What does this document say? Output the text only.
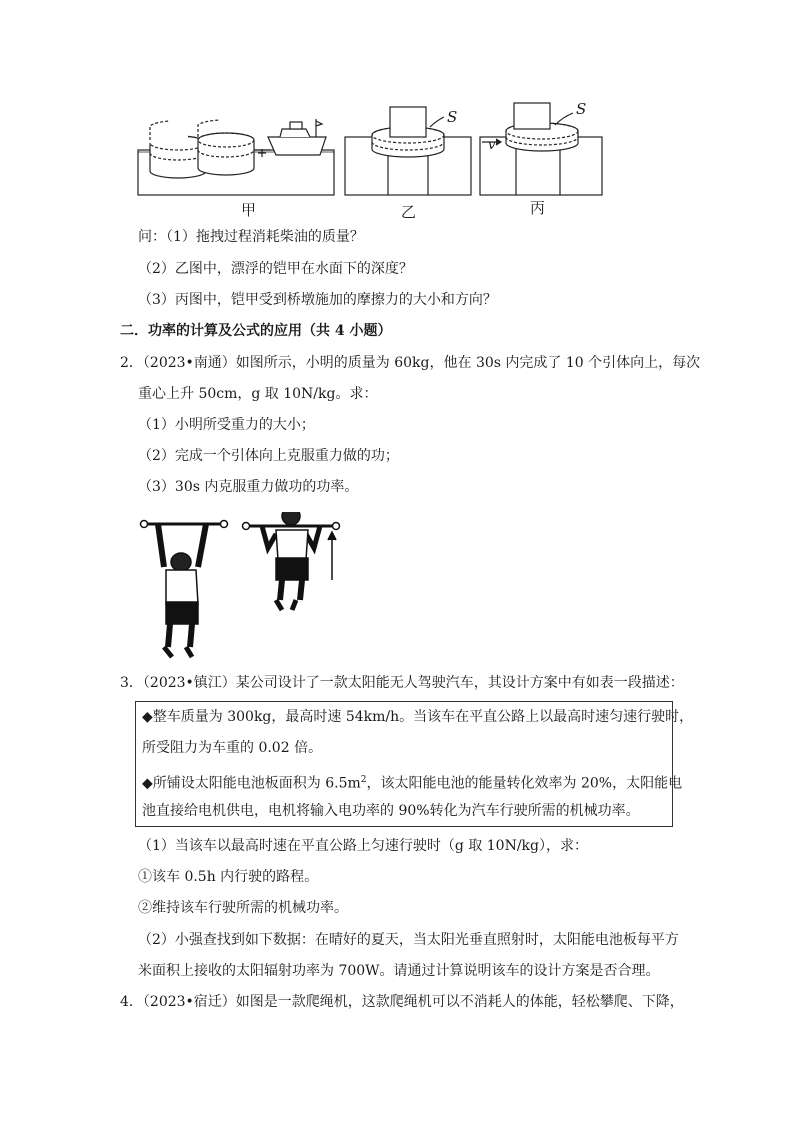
S
S
v
甲	乙	丙
问：（1）拖拽过程消耗柴油的质量？
（2）乙图中，漂浮的铠甲在水面下的深度？
（3）丙图中，铠甲受到桥墩施加的摩擦力的大小和方向？
二．功率的计算及公式的应用（共 4 小题）
2．（2023•南通）如图所示，小明的质量为 60kg，他在 30s 内完成了 10 个引体向上，每次
重心上升 50cm，g 取 10N/kg。求：
（1）小明所受重力的大小；
（2）完成一个引体向上克服重力做的功；
（3）30s 内克服重力做功的功率。
3．（2023•镇江）某公司设计了一款太阳能无人驾驶汽车，其设计方案中有如表一段描述：
◆整车质量为 300kg，最高时速 54km/h。当该车在平直公路上以最高时速匀速行驶时，
所受阻力为车重的 0.02 倍。
◆所铺设太阳能电池板面积为 $6.5m^2$，该太阳能电池的能量转化效率为 20%，太阳能电
池直接给电机供电，电机将输入电功率的 90%转化为汽车行驶所需的机械功率。
（1）当该车以最高时速在平直公路上匀速行驶时（g 取 10N/kg），求：
①该车 0.5h 内行驶的路程。
②维持该车行驶所需的机械功率。
（2）小强查找到如下数据：在晴好的夏天，当太阳光垂直照射时，太阳能电池板每平方
米面积上接收的太阳辐射功率为 700W。请通过计算说明该车的设计方案是否合理。
4．（2023•宿迁）如图是一款爬绳机，这款爬绳机可以不消耗人的体能，轻松攀爬、下降，
